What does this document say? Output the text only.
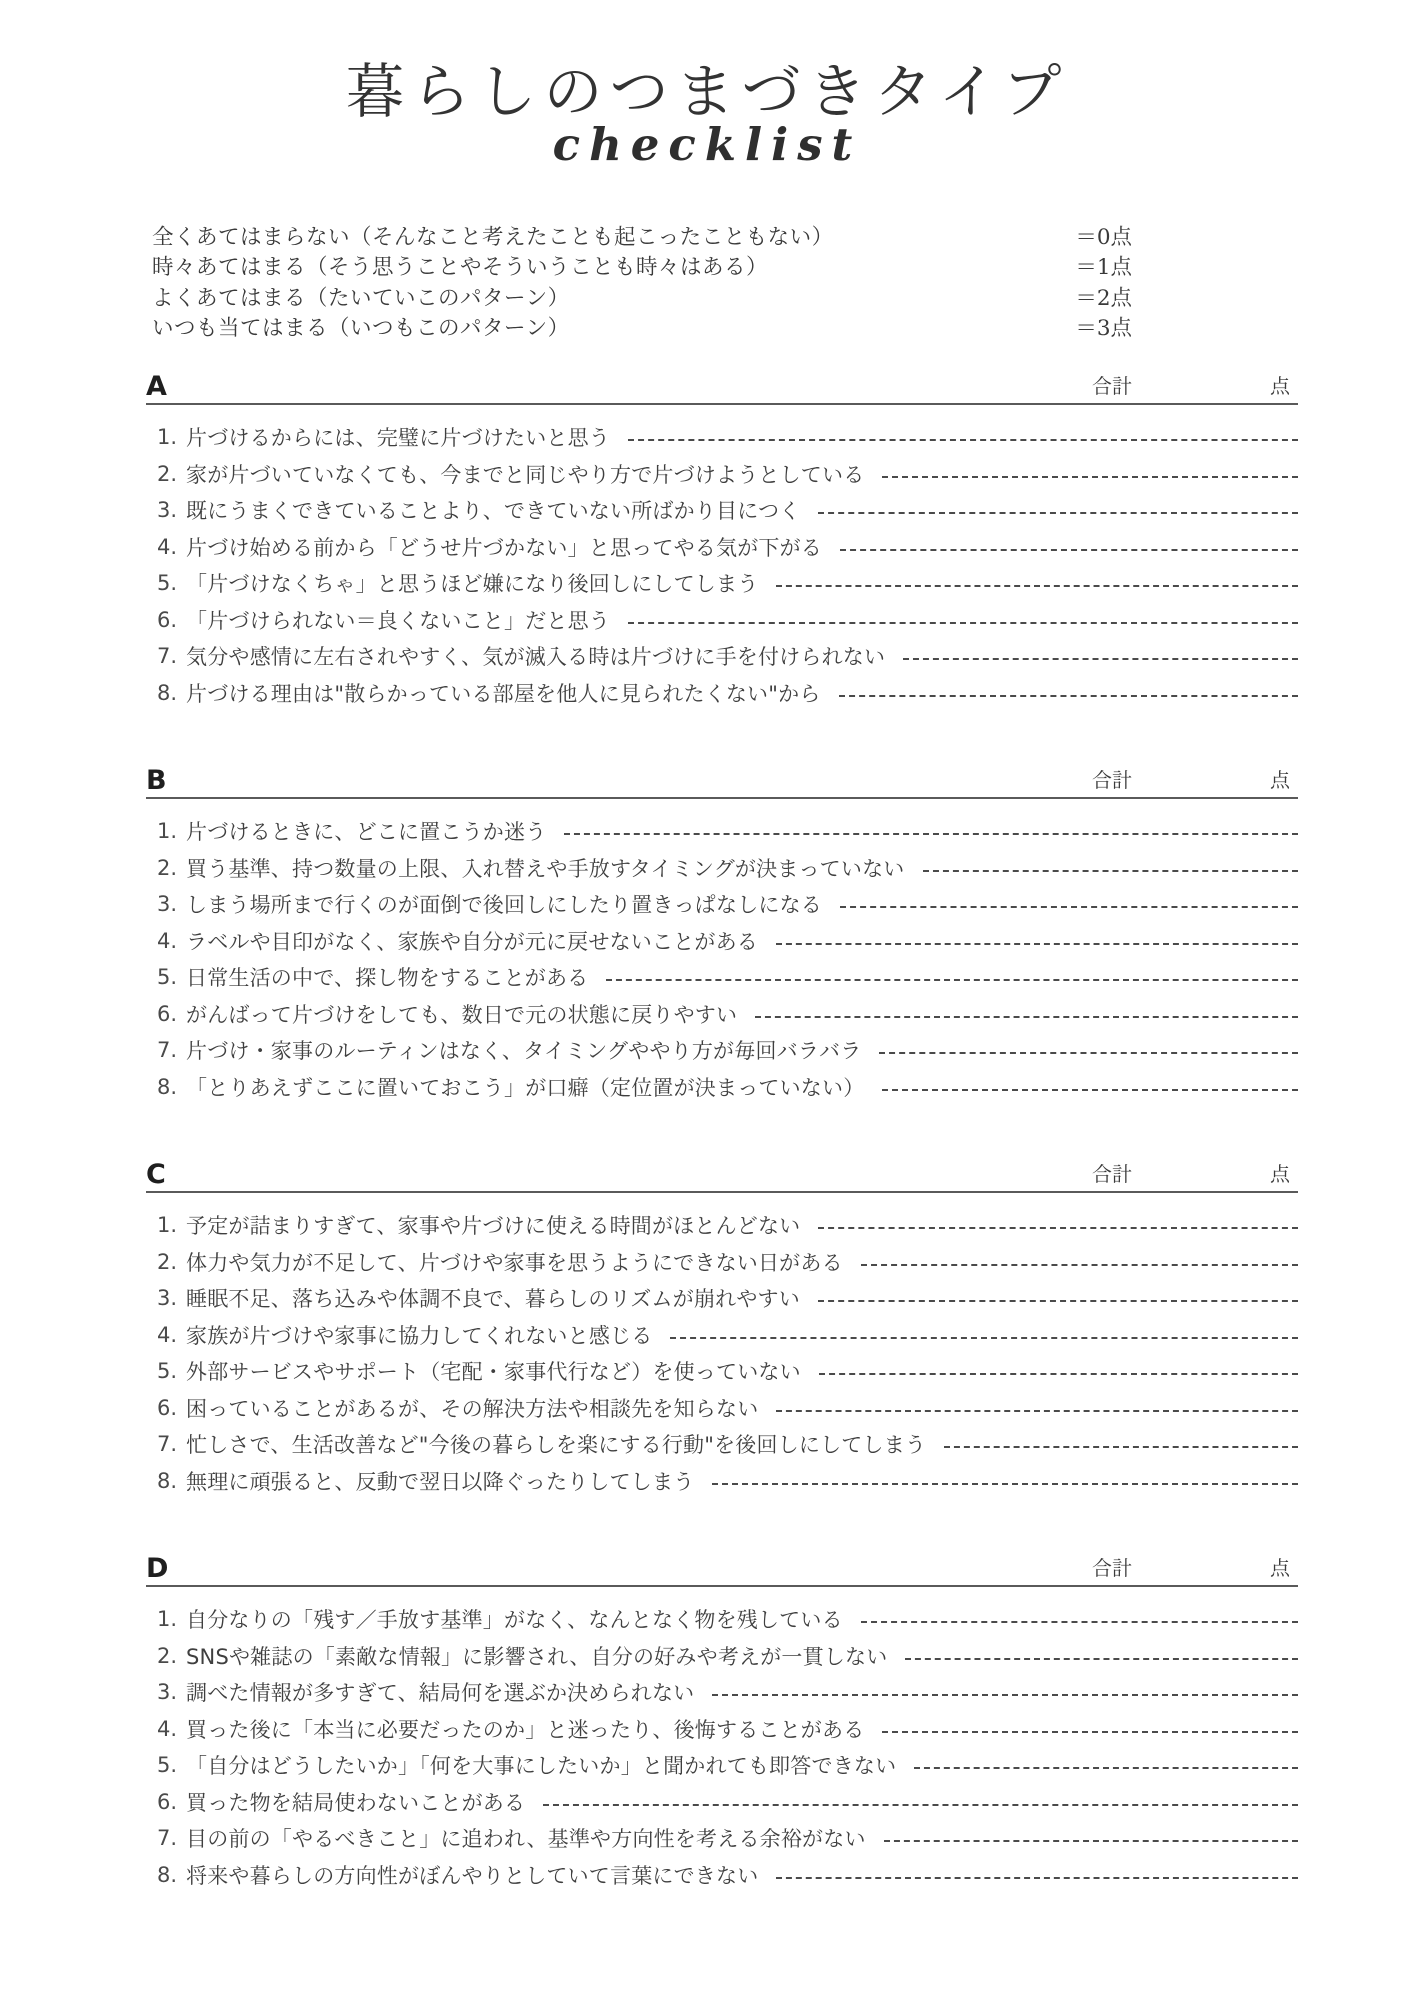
暮らしのつまづきタイプ
checklist
全くあてはまらない（そんなこと考えたことも起こったこともない）	＝0点
時々あてはまる（そう思うことやそういうことも時々はある）	＝1点
よくあてはまる（たいていこのパターン）	＝2点
いつも当てはまる（いつもこのパターン）	＝3点
A	合計	点
1. 片づけるからには、完璧に片づけたいと思う
2. 家が片づいていなくても、今までと同じやり方で片づけようとしている
3. 既にうまくできていることより、できていない所ばかり目につく
4. 片づけ始める前から「どうせ片づかない」と思ってやる気が下がる
5. 「片づけなくちゃ」と思うほど嫌になり後回しにしてしまう
6. 「片づけられない＝良くないこと」だと思う
7. 気分や感情に左右されやすく、気が滅入る時は片づけに手を付けられない
8. 片づける理由は"散らかっている部屋を他人に見られたくない"から
B	合計	点
1. 片づけるときに、どこに置こうか迷う
2. 買う基準、持つ数量の上限、入れ替えや手放すタイミングが決まっていない
3. しまう場所まで行くのが面倒で後回しにしたり置きっぱなしになる
4. ラベルや目印がなく、家族や自分が元に戻せないことがある
5. 日常生活の中で、探し物をすることがある
6. がんばって片づけをしても、数日で元の状態に戻りやすい
7. 片づけ・家事のルーティンはなく、タイミングややり方が毎回バラバラ
8. 「とりあえずここに置いておこう」が口癖（定位置が決まっていない）
C	合計	点
1. 予定が詰まりすぎて、家事や片づけに使える時間がほとんどない
2. 体力や気力が不足して、片づけや家事を思うようにできない日がある
3. 睡眠不足、落ち込みや体調不良で、暮らしのリズムが崩れやすい
4. 家族が片づけや家事に協力してくれないと感じる
5. 外部サービスやサポート（宅配・家事代行など）を使っていない
6. 困っていることがあるが、その解決方法や相談先を知らない
7. 忙しさで、生活改善など"今後の暮らしを楽にする行動"を後回しにしてしまう
8. 無理に頑張ると、反動で翌日以降ぐったりしてしまう
D	合計	点
1. 自分なりの「残す／手放す基準」がなく、なんとなく物を残している
2. SNSや雑誌の「素敵な情報」に影響され、自分の好みや考えが一貫しない
3. 調べた情報が多すぎて、結局何を選ぶか決められない
4. 買った後に「本当に必要だったのか」と迷ったり、後悔することがある
5. 「自分はどうしたいか」「何を大事にしたいか」と聞かれても即答できない
6. 買った物を結局使わないことがある
7. 目の前の「やるべきこと」に追われ、基準や方向性を考える余裕がない
8. 将来や暮らしの方向性がぼんやりとしていて言葉にできない
